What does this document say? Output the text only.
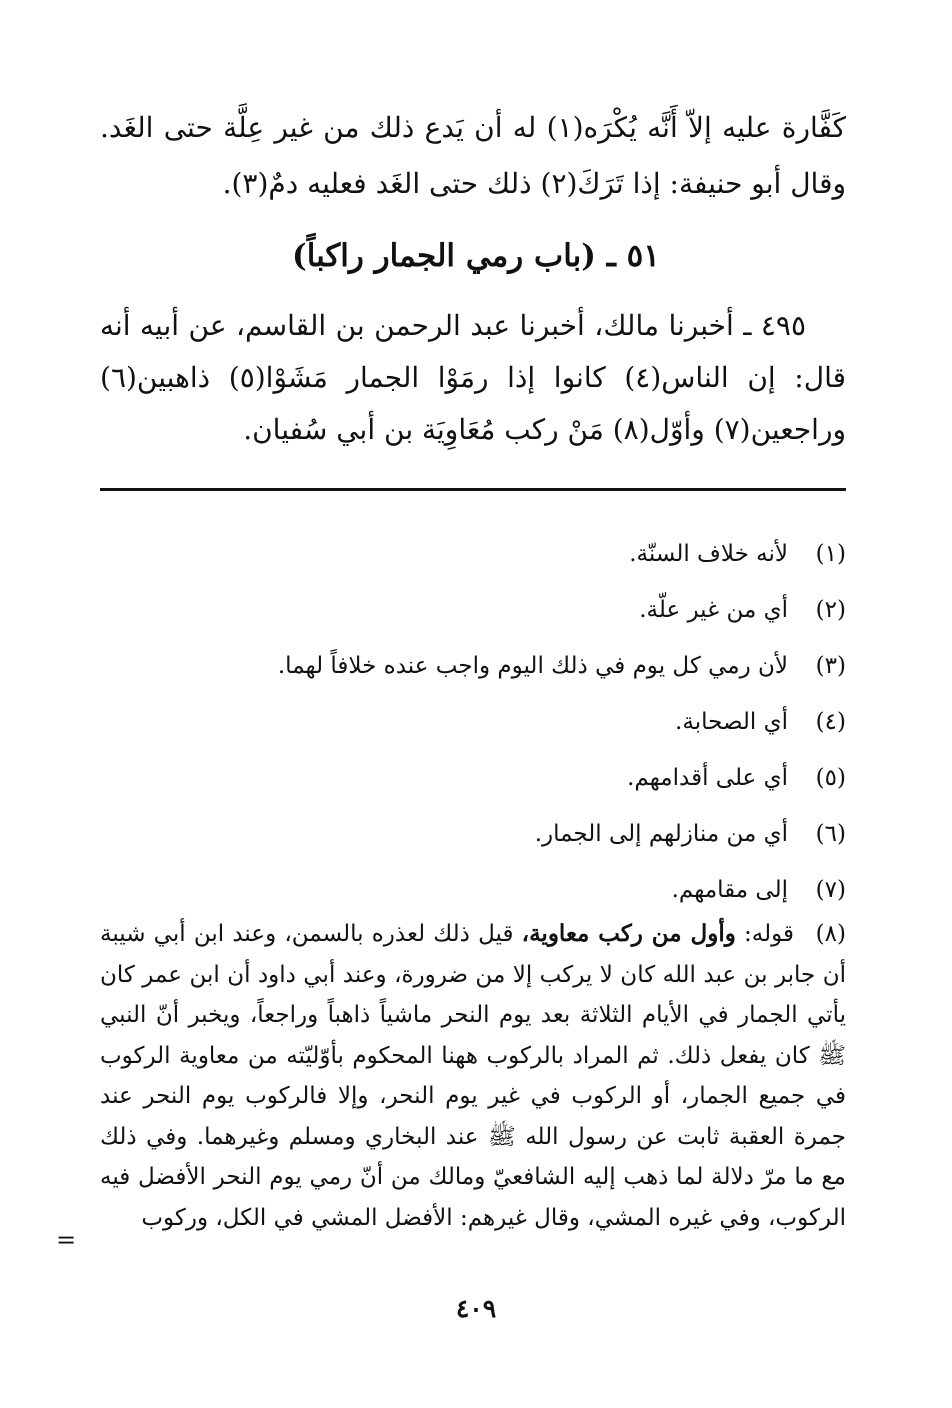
كَفَّارة عليه إلاّ أَنَّه يُكْرَه(١) له أن يَدع ذلك من غير عِلَّة حتى الغَد. وقال أبو حنيفة: إذا تَرَكَ(٢) ذلك حتى الغَد فعليه دمٌ(٣).

٥١ ـ (باب رمي الجمار راكباً)

٤٩٥ ـ أخبرنا مالك، أخبرنا عبد الرحمن بن القاسم، عن أبيه أنه قال: إن الناس(٤) كانوا إذا رمَوْا الجمار مَشَوْا(٥) ذاهبين(٦) وراجعين(٧) وأوّل(٨) مَنْ ركب مُعَاوِيَة بن أبي سُفيان.

(١)
لأنه خلاف السنّة.

(٢)
أي من غير علّة.

(٣)
لأن رمي كل يوم في ذلك اليوم واجب عنده خلافاً لهما.

(٤)
أي الصحابة.

(٥)
أي على أقدامهم.

(٦)
أي من منازلهم إلى الجمار.

(٧)
إلى مقامهم.

(٨)قوله: وأول من ركب معاوية، قيل ذلك لعذره بالسمن، وعند ابن أبي شيبة أن جابر بن عبد الله كان لا يركب إلا من ضرورة، وعند أبي داود أن ابن عمر كان يأتي الجمار في الأيام الثلاثة بعد يوم النحر ماشياً ذاهباً وراجعاً، ويخبر أنّ النبي ﷺ كان يفعل ذلك. ثم المراد بالركوب ههنا المحكوم بأوّليّته من معاوية الركوب في جميع الجمار، أو الركوب في غير يوم النحر، وإلا فالركوب يوم النحر عند جمرة العقبة ثابت عن رسول الله ﷺ عند البخاري ومسلم وغيرهما. وفي ذلك مع ما مرّ دلالة لما ذهب إليه الشافعيّ ومالك من أنّ رمي يوم النحر الأفضل فيه الركوب، وفي غيره المشي، وقال غيرهم: الأفضل المشي في الكل، وركوب

=
٤٠٩
